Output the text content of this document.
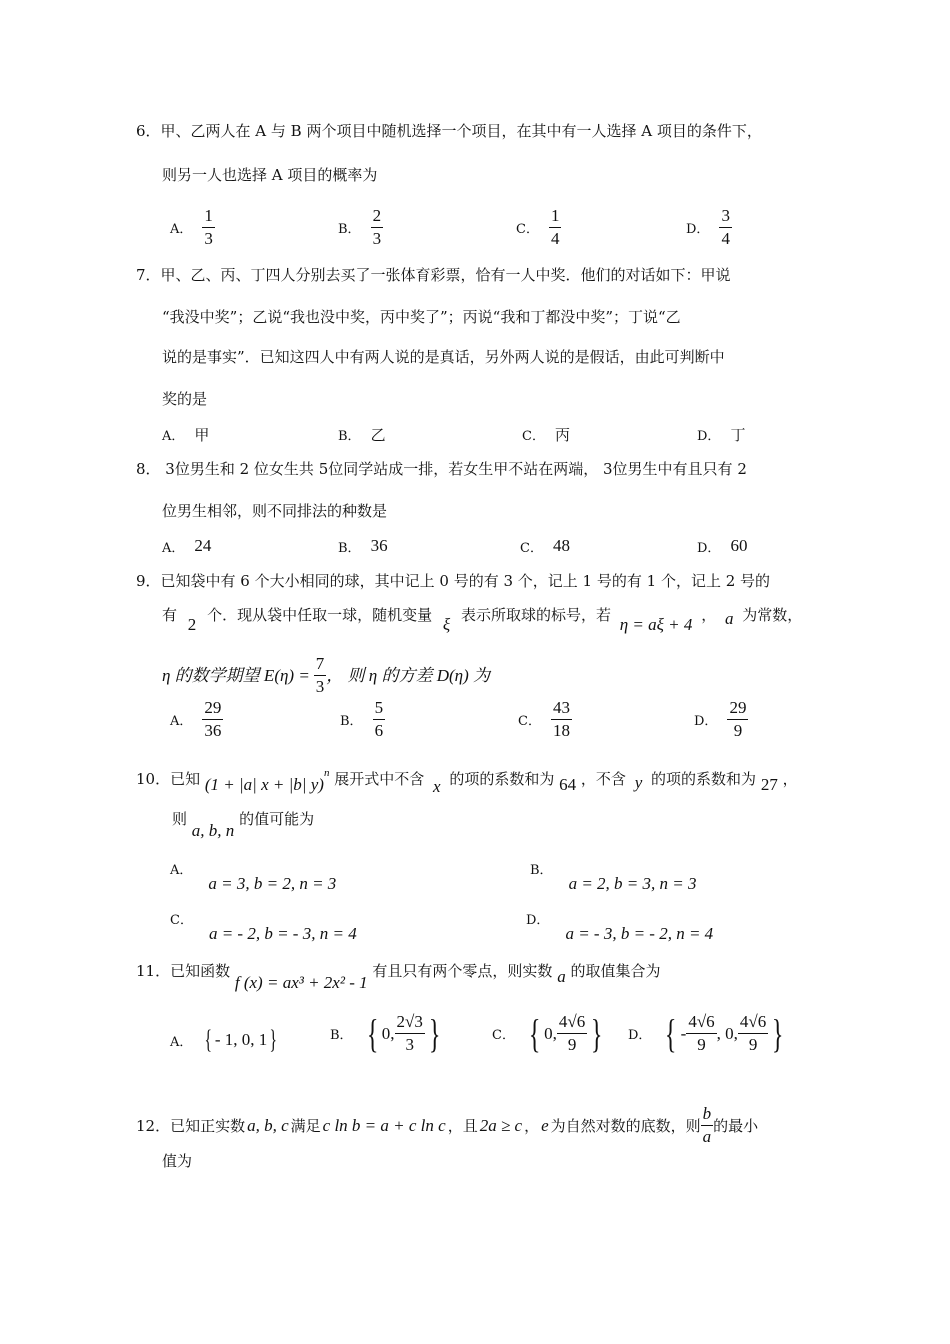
6．甲、乙两人在 A 与 B 两个项目中随机选择一个项目，在其中有一人选择 A 项目的条件下，
则另一人也选择 A 项目的概率为
A． $\frac{1}{3}$	B． $\frac{2}{3}$	C． $\frac{1}{4}$	D． $\frac{3}{4}$
7．甲、乙、丙、丁四人分别去买了一张体育彩票，恰有一人中奖．他们的对话如下：甲说
“我没中奖”；乙说“我也没中奖，丙中奖了”；丙说“我和丁都没中奖”；丁说“乙
说的是事实”．已知这四人中有两人说的是真话，另外两人说的是假话，由此可判断中
奖的是
A． 甲	B． 乙	C． 丙	D． 丁
8． 3位男生和 2 位女生共 5位同学站成一排，若女生甲不站在两端， 3位男生中有且只有 2
位男生相邻，则不同排法的种数是
A． 24	B． 36	C． 48	D． 60
9．已知袋中有 6 个大小相同的球，其中记上 0 号的有 3 个，记上 1 号的有 1 个，记上 2 号的
有 2 个．现从袋中任取一球，随机变量 ξ 表示所取球的标号，若 η = aξ + 4 ， a 为常数，
η 的数学期望 $E(\eta) = \frac{7}{3}$ ， 则 η 的方差 D(η) 为
A． $\frac{29}{36}$	B． $\frac{5}{6}$	C． $\frac{43}{18}$	D． $\frac{29}{9}$
10．已知 (1 + |a| x + |b| y)$^n$ 展开式中不含 x 的项的系数和为 64 ，不含 y 的项的系数和为 27 ，
则 a, b, n 的值可能为
A．
a = 3, b = 2, n = 3
B．
a = 2, b = 3, n = 3
C．
a = - 2, b = - 3, n = 4
D．
a = - 3, b = - 2, n = 4
11．已知函数 f (x) = ax³ + 2x² - 1 有且只有两个零点，则实数 a 的取值集合为
A． { - 1, 0, 1 }	B． { 0, $\frac{2√3}{3}$ }	C． { 0, $\frac{4√6}{9}$ } D． { - $\frac{4√6}{9}$ , 0, $\frac{4√6}{9}$ }
12．已知正实数 a, b, c 满足 c ln b = a + c ln c ，且 2a ≥ c ， e 为自然对数的底数，则 $\frac{b}{a}$ 的最小
值为
